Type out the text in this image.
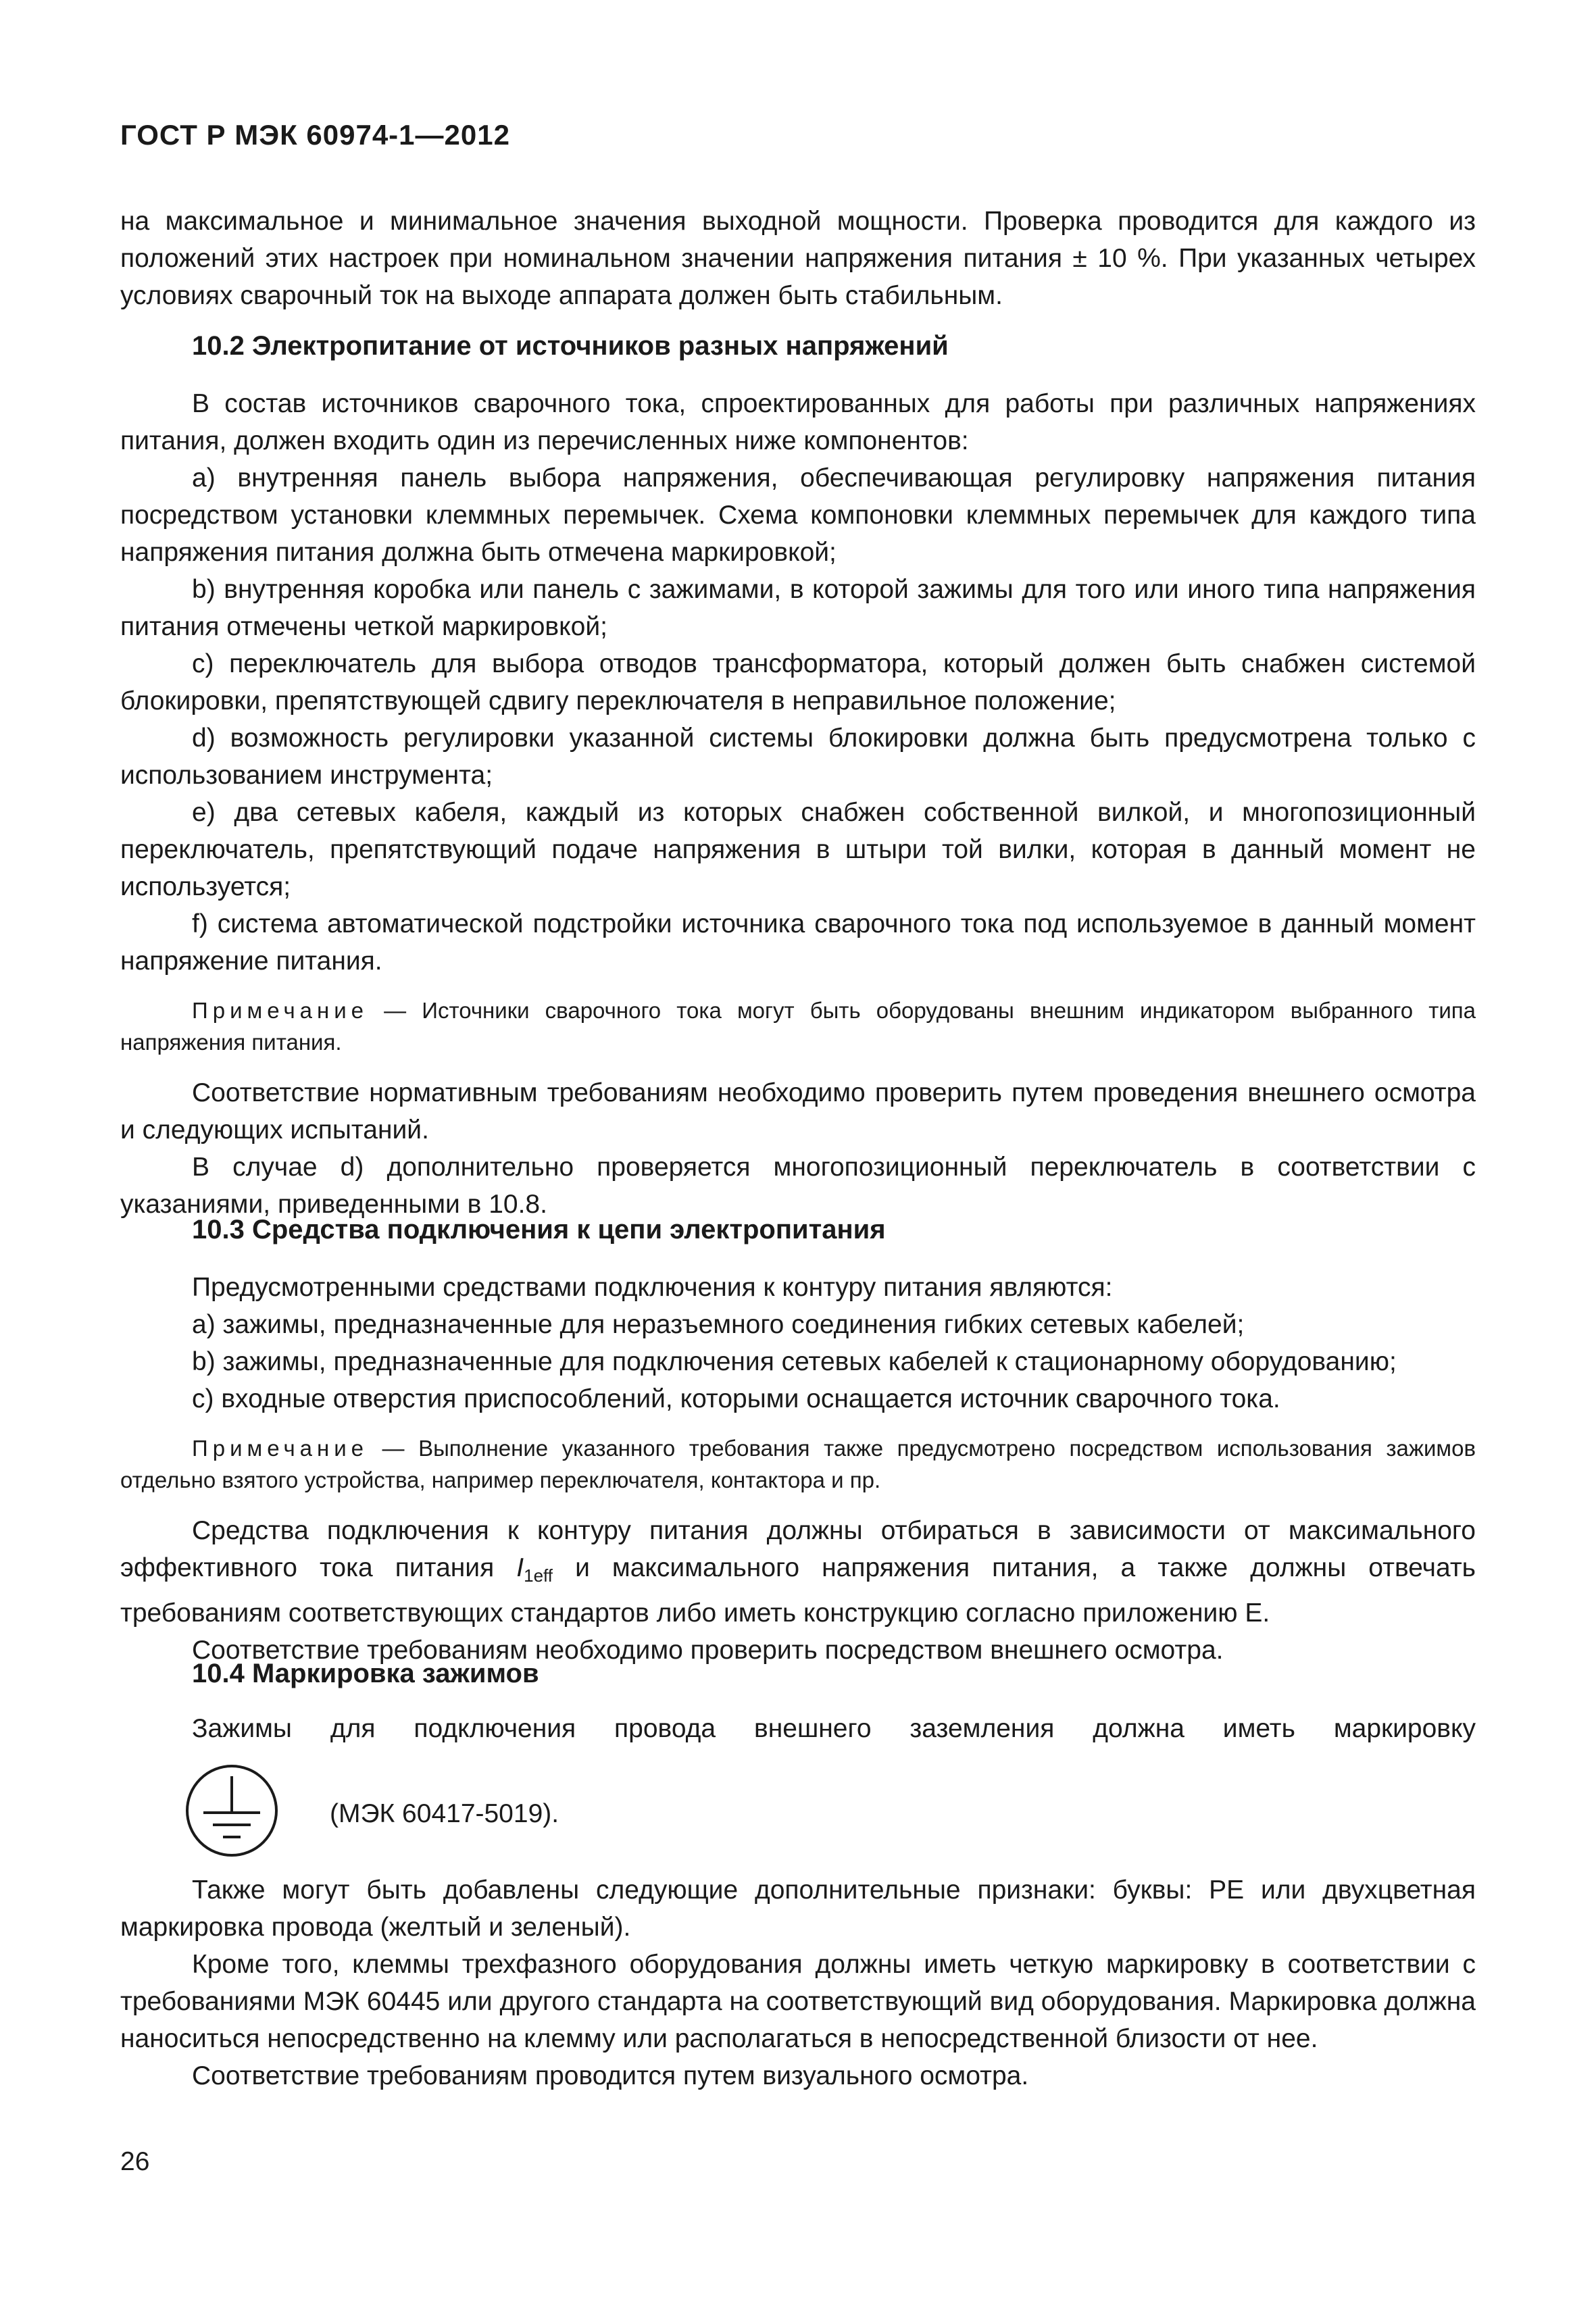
ГОСТ Р МЭК 60974-1—2012

на максимальное и минимальное значения выходной мощности. Проверка проводится для каждого из положений этих настроек при номинальном значении напряжения питания ± 10 %. При указанных четырех условиях сварочный ток на выходе аппарата должен быть стабильным.

10.2 Электропитание от источников разных напряжений

В состав источников сварочного тока, спроектированных для работы при различных напряжениях питания, должен входить один из перечисленных ниже компонентов:

a) внутренняя панель выбора напряжения, обеспечивающая регулировку напряжения питания посредством установки клеммных перемычек. Схема компоновки клеммных перемычек для каждого типа напряжения питания должна быть отмечена маркировкой;

b) внутренняя коробка или панель с зажимами, в которой зажимы для того или иного типа напряжения питания отмечены четкой маркировкой;

c) переключатель для выбора отводов трансформатора, который должен быть снабжен системой блокировки, препятствующей сдвигу переключателя в неправильное положение;

d) возможность регулировки указанной системы блокировки должна быть предусмотрена только с использованием инструмента;

e) два сетевых кабеля, каждый из которых снабжен собственной вилкой, и многопозиционный переключатель, препятствующий подаче напряжения в штыри той вилки, которая в данный момент не используется;

f) система автоматической подстройки источника сварочного тока под используемое в данный момент напряжение питания.

Примечание — Источники сварочного тока могут быть оборудованы внешним индикатором выбранного типа напряжения питания.

Соответствие нормативным требованиям необходимо проверить путем проведения внешнего осмотра и следующих испытаний.

В случае d) дополнительно проверяется многопозиционный переключатель в соответствии с указаниями, приведенными в 10.8.

10.3 Средства подключения к цепи электропитания

Предусмотренными средствами подключения к контуру питания являются:

a) зажимы, предназначенные для неразъемного соединения гибких сетевых кабелей;

b) зажимы, предназначенные для подключения сетевых кабелей к стационарному оборудованию;

c) входные отверстия приспособлений, которыми оснащается источник сварочного тока.

Примечание — Выполнение указанного требования также предусмотрено посредством использования зажимов отдельно взятого устройства, например переключателя, контактора и пр.

Средства подключения к контуру питания должны отбираться в зависимости от максимального эффективного тока питания $I_{1eff}$ и максимального напряжения питания, а также должны отвечать требованиям соответствующих стандартов либо иметь конструкцию согласно приложению Е.

Соответствие требованиям необходимо проверить посредством внешнего осмотра.

10.4 Маркировка зажимов

Зажимы для подключения провода внешнего заземления должна иметь маркировку

(МЭК 60417-5019).

Также могут быть добавлены следующие дополнительные признаки: буквы: PE или двухцветная маркировка провода (желтый и зеленый).

Кроме того, клеммы трехфазного оборудования должны иметь четкую маркировку в соответствии с требованиями МЭК 60445 или другого стандарта на соответствующий вид оборудования. Маркировка должна наноситься непосредственно на клемму или располагаться в непосредственной близости от нее.

Соответствие требованиям проводится путем визуального осмотра.

26
